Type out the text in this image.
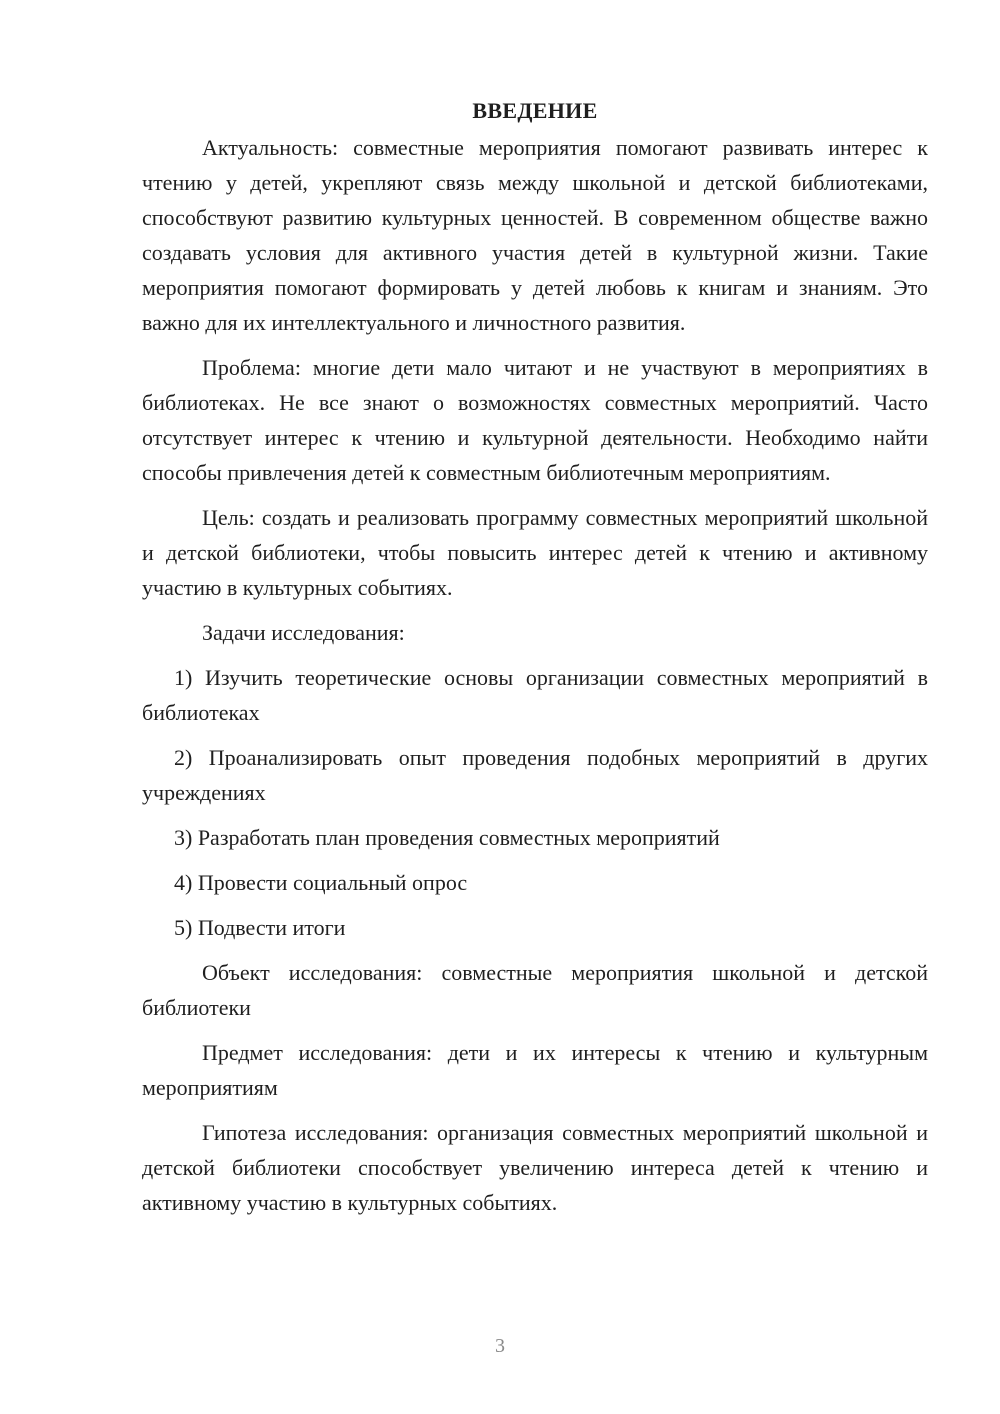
ВВЕДЕНИЕ

Актуальность: совместные мероприятия помогают развивать интерес к чтению у детей, укрепляют связь между школьной и детской библиотеками, способствуют развитию культурных ценностей. В современном обществе важно создавать условия для активного участия детей в культурной жизни. Такие мероприятия помогают формировать у детей любовь к книгам и знаниям. Это важно для их интеллектуального и личностного развития.

Проблема: многие дети мало читают и не участвуют в мероприятиях в библиотеках. Не все знают о возможностях совместных мероприятий. Часто отсутствует интерес к чтению и культурной деятельности. Необходимо найти способы привлечения детей к совместным библиотечным мероприятиям.

Цель: создать и реализовать программу совместных мероприятий школьной и детской библиотеки, чтобы повысить интерес детей к чтению и активному участию в культурных событиях.

Задачи исследования:

1) Изучить теоретические основы организации совместных мероприятий в библиотеках

2) Проанализировать опыт проведения подобных мероприятий в других учреждениях

3) Разработать план проведения совместных мероприятий

4) Провести социальный опрос

5) Подвести итоги

Объект исследования: совместные мероприятия школьной и детской библиотеки

Предмет исследования: дети и их интересы к чтению и культурным мероприятиям

Гипотеза исследования: организация совместных мероприятий школьной и детской библиотеки способствует увеличению интереса детей к чтению и активному участию в культурных событиях.

3
